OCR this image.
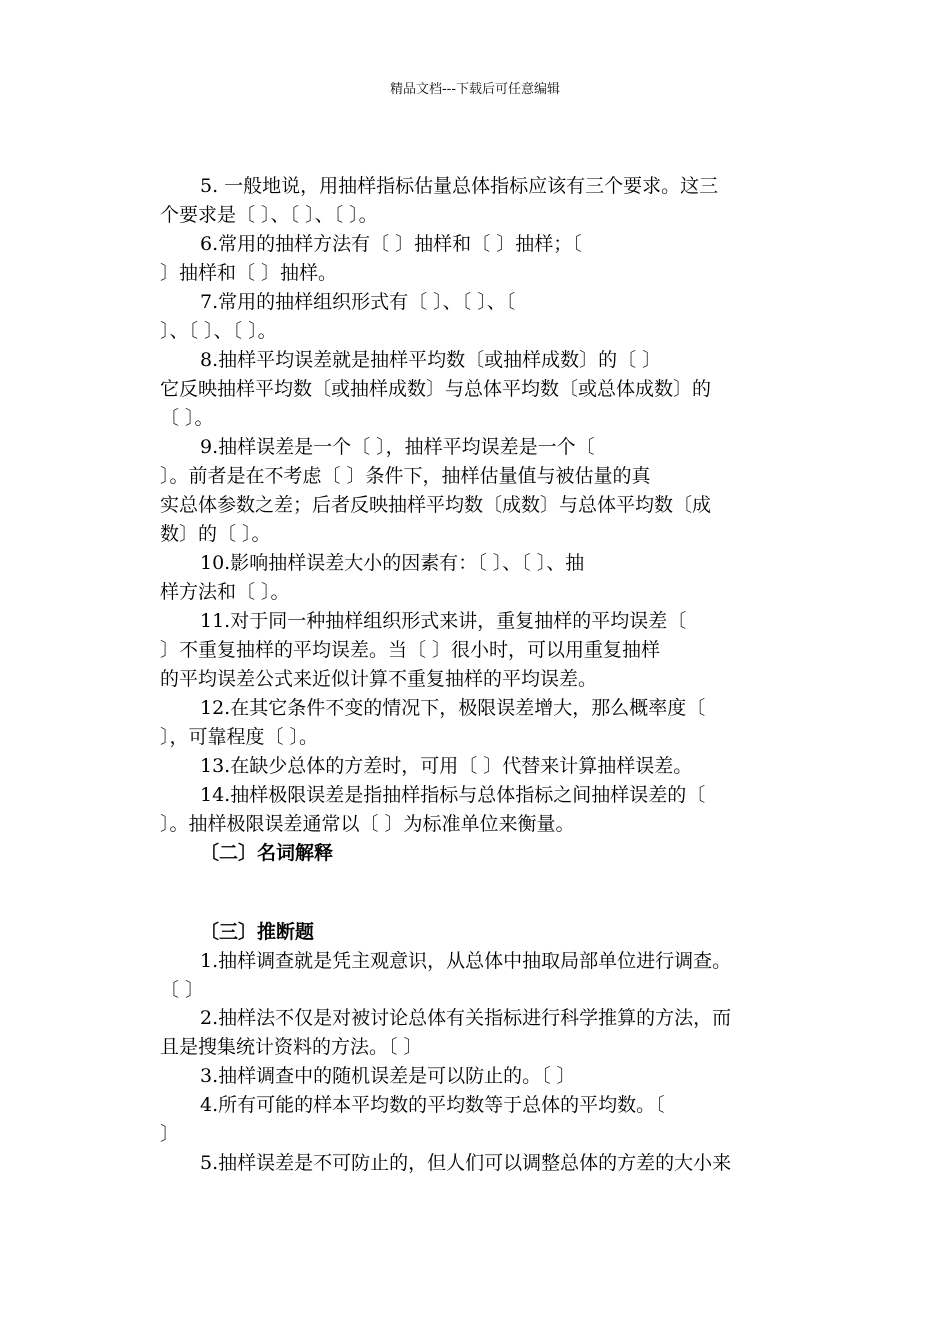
精品文档---下载后可任意编辑
5. 一般地说，用抽样指标估量总体指标应该有三个要求。这三
个要求是〔 〕、〔 〕、〔 〕。
6.常用的抽样方法有〔 〕抽样和〔 〕抽样；〔
〕抽样和〔 〕抽样。
7.常用的抽样组织形式有〔 〕、〔 〕、〔
〕、〔 〕、〔 〕。
8.抽样平均误差就是抽样平均数〔或抽样成数〕的〔 〕
它反映抽样平均数〔或抽样成数〕与总体平均数〔或总体成数〕的
〔 〕。
9.抽样误差是一个〔 〕，抽样平均误差是一个〔
〕。前者是在不考虑〔 〕条件下，抽样估量值与被估量的真
实总体参数之差；后者反映抽样平均数〔成数〕与总体平均数〔成
数〕的〔 〕。
10.影响抽样误差大小的因素有：〔 〕、〔 〕、抽
样方法和〔 〕。
11.对于同一种抽样组织形式来讲，重复抽样的平均误差〔
〕不重复抽样的平均误差。当〔 〕很小时，可以用重复抽样
的平均误差公式来近似计算不重复抽样的平均误差。
12.在其它条件不变的情况下，极限误差增大，那么概率度〔
〕，可靠程度〔 〕。
13.在缺少总体的方差时，可用〔 〕代替来计算抽样误差。
14.抽样极限误差是指抽样指标与总体指标之间抽样误差的〔
〕。抽样极限误差通常以〔 〕为标准单位来衡量。
〔二〕名词解释
〔三〕推断题
1.抽样调查就是凭主观意识，从总体中抽取局部单位进行调查。
〔 〕
2.抽样法不仅是对被讨论总体有关指标进行科学推算的方法，而
且是搜集统计资料的方法。〔 〕
3.抽样调查中的随机误差是可以防止的。〔 〕
4.所有可能的样本平均数的平均数等于总体的平均数。〔
〕
5.抽样误差是不可防止的，但人们可以调整总体的方差的大小来
